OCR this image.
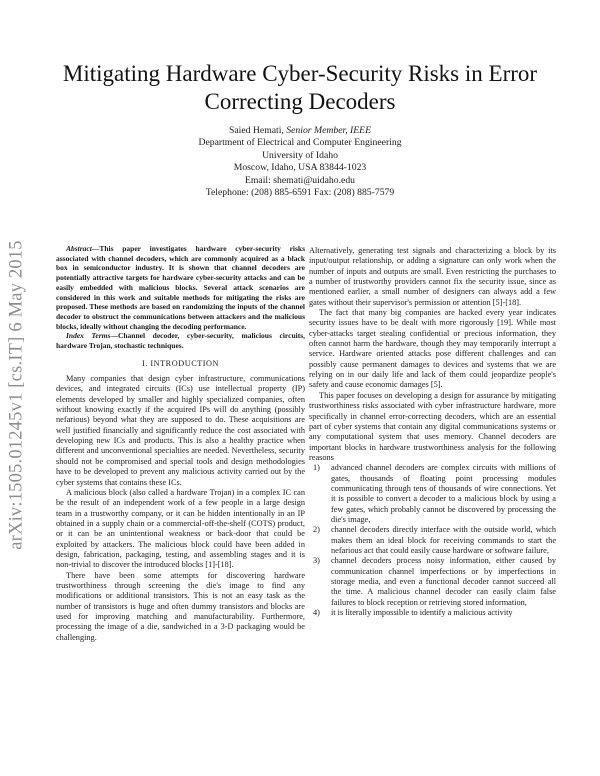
arXiv:1505.01245v1 [cs.IT] 6 May 2015
Mitigating Hardware Cyber-Security Risks in Error
Correcting Decoders
Saied Hemati, Senior Member, IEEE
Department of Electrical and Computer Engineering
University of Idaho
Moscow, Idaho, USA 83844-1023
Email: shemati@uidaho.edu
Telephone: (208) 885-6591 Fax: (208) 885-7579

Abstract—This paper investigates hardware cyber-security risks associated with channel decoders, which are commonly acquired as a black box in semiconductor industry. It is shown that channel decoders are potentially attractive targets for hardware cyber-security attacks and can be easily embedded with malicious blocks. Several attack scenarios are considered in this work and suitable methods for mitigating the risks are proposed. These methods are based on randomizing the inputs of the channel decoder to obstruct the communications between attackers and the malicious blocks, ideally without changing the decoding performance.

Index Terms—Channel decoder, cyber-security, malicious circuits, hardware Trojan, stochastic techniques.

I. INTRODUCTION

Many companies that design cyber infrastructure, communications devices, and integrated circuits (ICs) use intellectual property (IP) elements developed by smaller and highly specialized companies, often without knowing exactly if the acquired IPs will do anything (possibly nefarious) beyond what they are supposed to do. These acquisitions are well justified financially and significantly reduce the cost associated with developing new ICs and products. This is also a healthy practice when different and unconventional specialties are needed. Nevertheless, security should not be compromised and special tools and design methodologies have to be developed to prevent any malicious activity carried out by the cyber systems that contains these ICs.

A malicious block (also called a hardware Trojan) in a complex IC can be the result of an independent work of a few people in a large design team in a trustworthy company, or it can be hidden intentionally in an IP obtained in a supply chain or a commercial-off-the-shelf (COTS) product, or it can be an unintentional weakness or back-door that could be exploited by attackers. The malicious block could have been added in design, fabrication, packaging, testing, and assembling stages and it is non-trivial to discover the introduced blocks [1]-[18].

There have been some attempts for discovering hardware trustworthiness through screening the die's image to find any modifications or additional transistors. This is not an easy task as the number of transistors is huge and often dummy transistors and blocks are used for improving matching and manufacturability. Furthermore, processing the image of a die, sandwiched in a 3-D packaging would be challenging.

Alternatively, generating test signals and characterizing a block by its input/output relationship, or adding a signature can only work when the number of inputs and outputs are small. Even restricting the purchases to a number of trustworthy providers cannot fix the security issue, since as mentioned earlier, a small number of designers can always add a few gates without their supervisor's permission or attention [5]-[18].

The fact that many big companies are hacked every year indicates security issues have to be dealt with more rigorously [19]. While most cyber-attacks target stealing confidential or precious information, they often cannot harm the hardware, though they may temporarily interrupt a service. Hardware oriented attacks pose different challenges and can possibly cause permanent damages to devices and systems that we are relying on in our daily life and lack of them could jeopardize people's safety and cause economic damages [5].

This paper focuses on developing a design for assurance by mitigating trustworthiness risks associated with cyber infrastructure hardware, more specifically in channel error-correcting decoders, which are an essential part of cyber systems that contain any digital communications systems or any computational system that uses memory. Channel decoders are important blocks in hardware trustworthiness analysis for the following reasons

1) advanced channel decoders are complex circuits with millions of gates, thousands of floating point processing modules communicating through tens of thousands of wire connections. Yet it is possible to convert a decoder to a malicious block by using a few gates, which probably cannot be discovered by processing the die's image,
2) channel decoders directly interface with the outside world, which makes them an ideal block for receiving commands to start the nefarious act that could easily cause hardware or software failure,
3) channel decoders process noisy information, either caused by communication channel imperfections or by imperfections in storage media, and even a functional decoder cannot succeed all the time. A malicious channel decoder can easily claim false failures to block reception or retrieving stored information,
4) it is literally impossible to identify a malicious activity
